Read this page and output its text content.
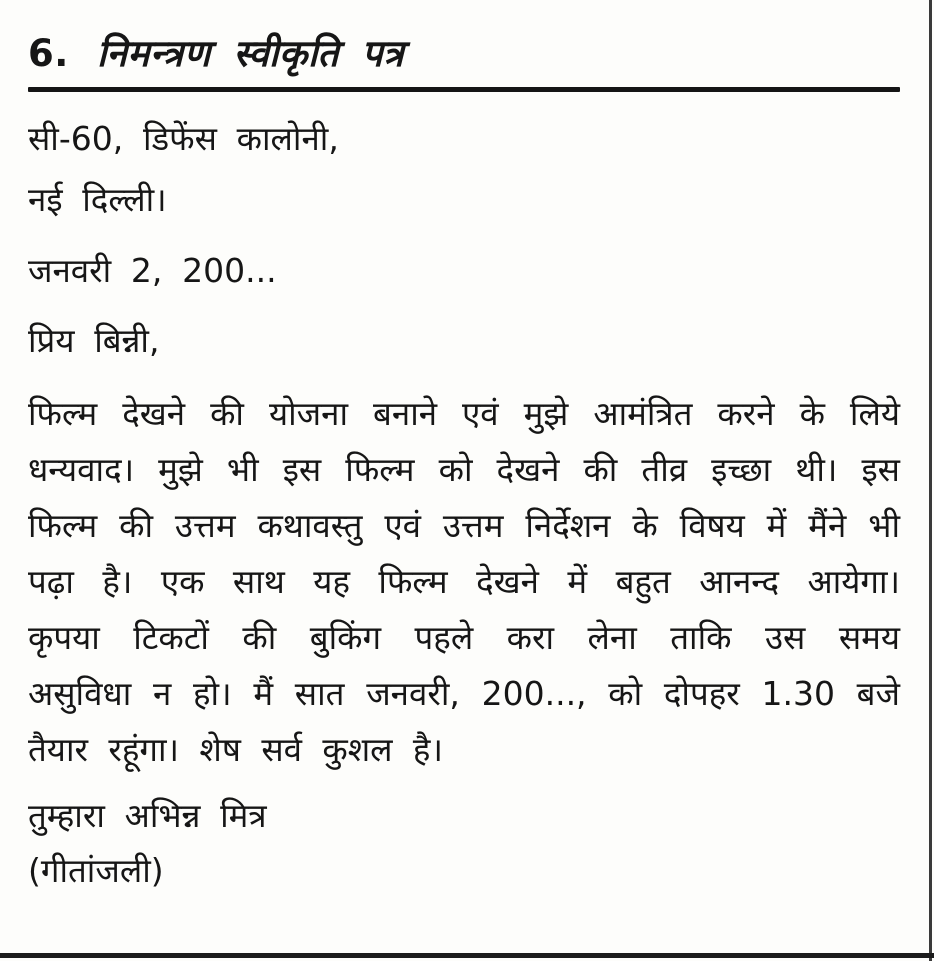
6. निमन्त्रण स्वीकृति पत्र
सी-60, डिफेंस कालोनी,
नई दिल्ली।
जनवरी 2, 200...
प्रिय बिन्नी,
फिल्म देखने की योजना बनाने एवं मुझे आमंत्रित करने के लिये धन्यवाद। मुझे भी इस फिल्म को देखने की तीव्र इच्छा थी। इस फिल्म की उत्तम कथावस्तु एवं उत्तम निर्देशन के विषय में मैंने भी पढ़ा है। एक साथ यह फिल्म देखने में बहुत आनन्द आयेगा। कृपया टिकटों की बुकिंग पहले करा लेना ताकि उस समय असुविधा न हो। मैं सात जनवरी, 200..., को दोपहर 1.30 बजे तैयार रहूंगा। शेष सर्व कुशल है।
तुम्हारा अभिन्न मित्र
(गीतांजली)
